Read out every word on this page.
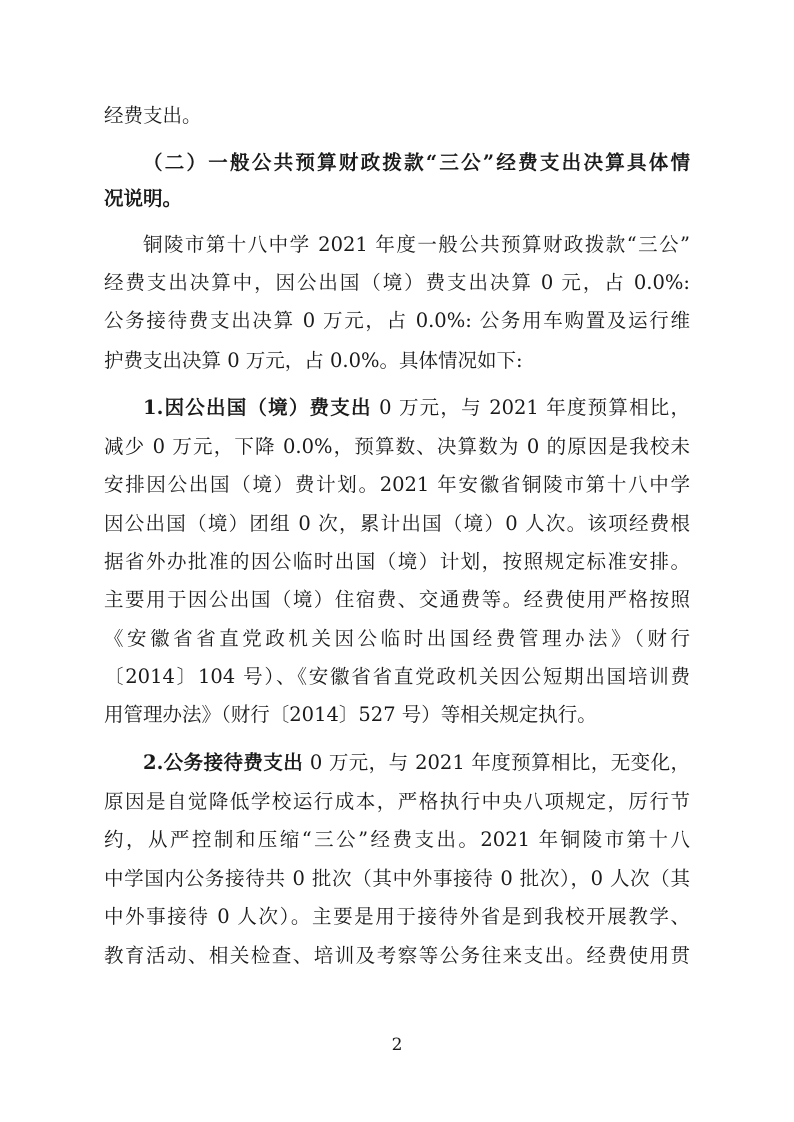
经费支出。
（二）一般公共预算财政拨款“三公”经费支出决算具体情
况说明。
铜陵市第十八中学 2021 年度一般公共预算财政拨款“三公”
经费支出决算中，因公出国（境）费支出决算 0 元，占 0.0%:
公务接待费支出决算 0 万元，占 0.0%: 公务用车购置及运行维
护费支出决算 0 万元，占 0.0%。具体情况如下:
1.因公出国（境）费支出 0 万元，与 2021 年度预算相比，
减少 0 万元，下降 0.0%，预算数、决算数为 0 的原因是我校未
安排因公出国（境）费计划。2021 年安徽省铜陵市第十八中学
因公出国（境）团组 0 次，累计出国（境）0 人次。该项经费根
据省外办批准的因公临时出国（境）计划，按照规定标准安排。
主要用于因公出国（境）住宿费、交通费等。经费使用严格按照
《安徽省省直党政机关因公临时出国经费管理办法》（财行
〔2014〕104 号）、《安徽省省直党政机关因公短期出国培训费
用管理办法》（财行〔2014〕527 号）等相关规定执行。
2.公务接待费支出 0 万元，与 2021 年度预算相比，无变化，
原因是自觉降低学校运行成本，严格执行中央八项规定，厉行节
约，从严控制和压缩“三公”经费支出。2021 年铜陵市第十八
中学国内公务接待共 0 批次（其中外事接待 0 批次），0 人次（其
中外事接待 0 人次）。主要是用于接待外省是到我校开展教学、
教育活动、相关检查、培训及考察等公务往来支出。经费使用贯
2
